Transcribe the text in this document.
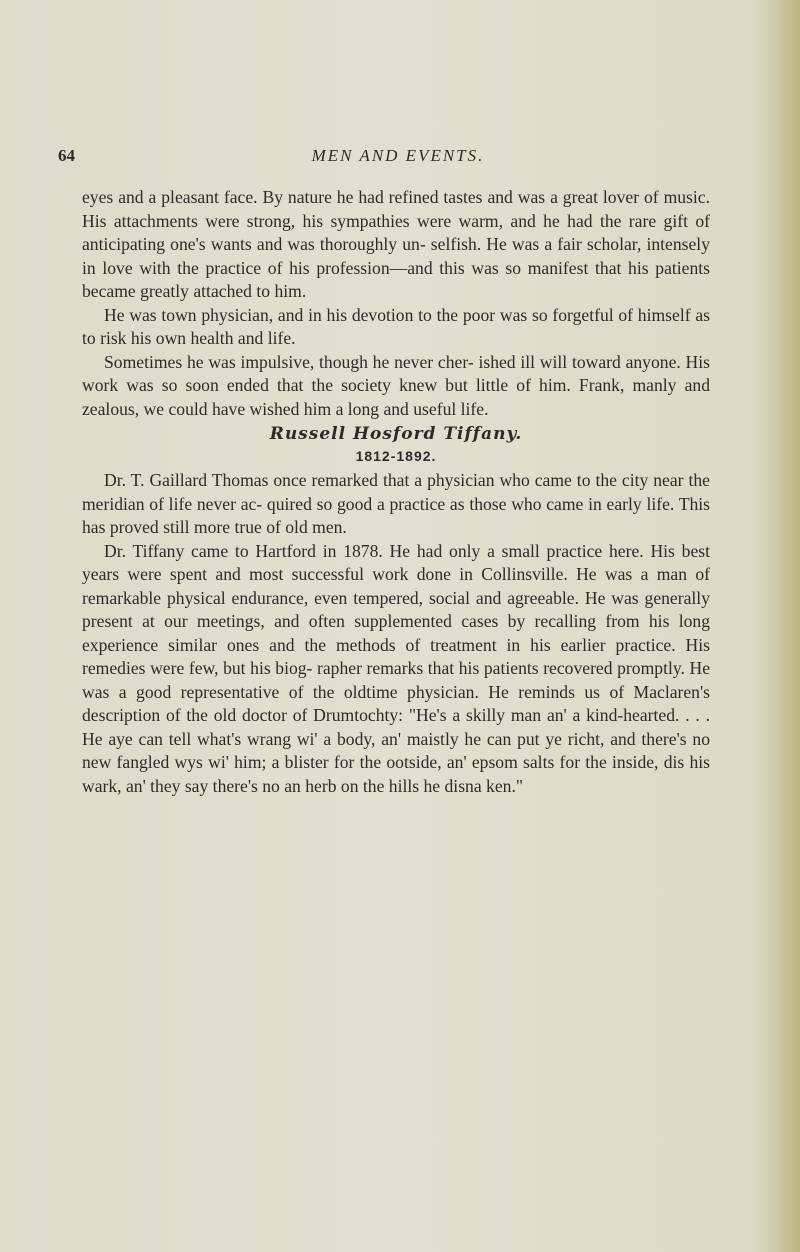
64	MEN AND EVENTS.

eyes and a pleasant face. By nature he had refined tastes and was a great lover of music. His attachments were strong, his sympathies were warm, and he had the rare gift of anticipating one's wants and was thoroughly un- selfish. He was a fair scholar, intensely in love with the practice of his profession—and this was so manifest that his patients became greatly attached to him.

He was town physician, and in his devotion to the poor was so forgetful of himself as to risk his own health and life.

Sometimes he was impulsive, though he never cher- ished ill will toward anyone. His work was so soon ended that the society knew but little of him. Frank, manly and zealous, we could have wished him a long and useful life.

Russell Hosford Tiffany.
1812-1892.

Dr. T. Gaillard Thomas once remarked that a physician who came to the city near the meridian of life never ac- quired so good a practice as those who came in early life. This has proved still more true of old men.

Dr. Tiffany came to Hartford in 1878. He had only a small practice here. His best years were spent and most successful work done in Collinsville. He was a man of remarkable physical endurance, even tempered, social and agreeable. He was generally present at our meetings, and often supplemented cases by recalling from his long experience similar ones and the methods of treatment in his earlier practice. His remedies were few, but his biog- rapher remarks that his patients recovered promptly. He was a good representative of the oldtime physician. He reminds us of Maclaren's description of the old doctor of Drumtochty: "He's a skilly man an' a kind-hearted. . . . He aye can tell what's wrang wi' a body, an' maistly he can put ye richt, and there's no new fangled wys wi' him; a blister for the ootside, an' epsom salts for the inside, dis his wark, an' they say there's no an herb on the hills he disna ken."
